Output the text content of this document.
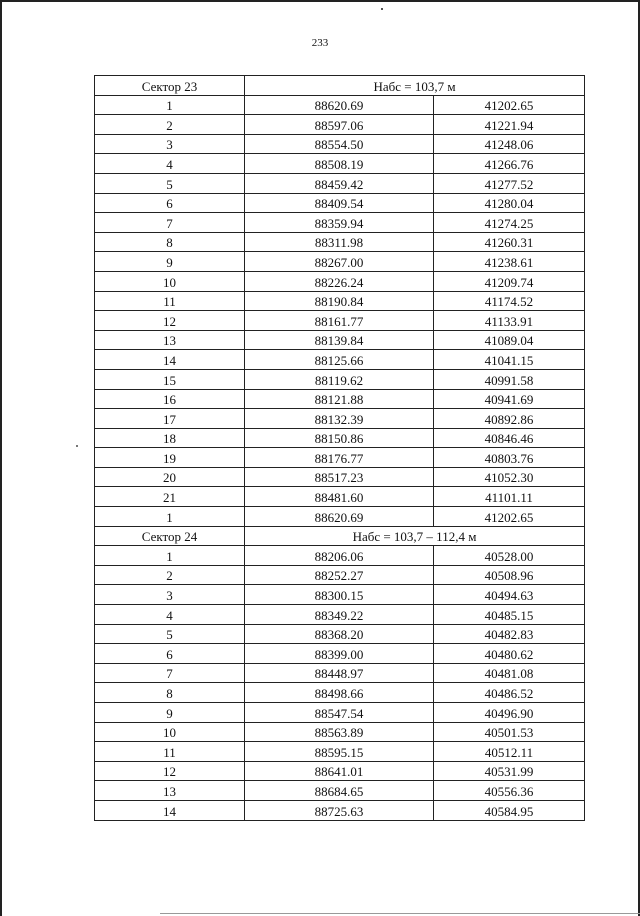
233
Сектор 23	Набс = 103,7 м	
1	88620.69	41202.65
2	88597.06	41221.94
3	88554.50	41248.06
4	88508.19	41266.76
5	88459.42	41277.52
6	88409.54	41280.04
7	88359.94	41274.25
8	88311.98	41260.31
9	88267.00	41238.61
10	88226.24	41209.74
11	88190.84	41174.52
12	88161.77	41133.91
13	88139.84	41089.04
14	88125.66	41041.15
15	88119.62	40991.58
16	88121.88	40941.69
17	88132.39	40892.86
18	88150.86	40846.46
19	88176.77	40803.76
20	88517.23	41052.30
21	88481.60	41101.11
1	88620.69	41202.65
Сектор 24	Набс = 103,7 – 112,4 м	
1	88206.06	40528.00
2	88252.27	40508.96
3	88300.15	40494.63
4	88349.22	40485.15
5	88368.20	40482.83
6	88399.00	40480.62
7	88448.97	40481.08
8	88498.66	40486.52
9	88547.54	40496.90
10	88563.89	40501.53
11	88595.15	40512.11
12	88641.01	40531.99
13	88684.65	40556.36
14	88725.63	40584.95
